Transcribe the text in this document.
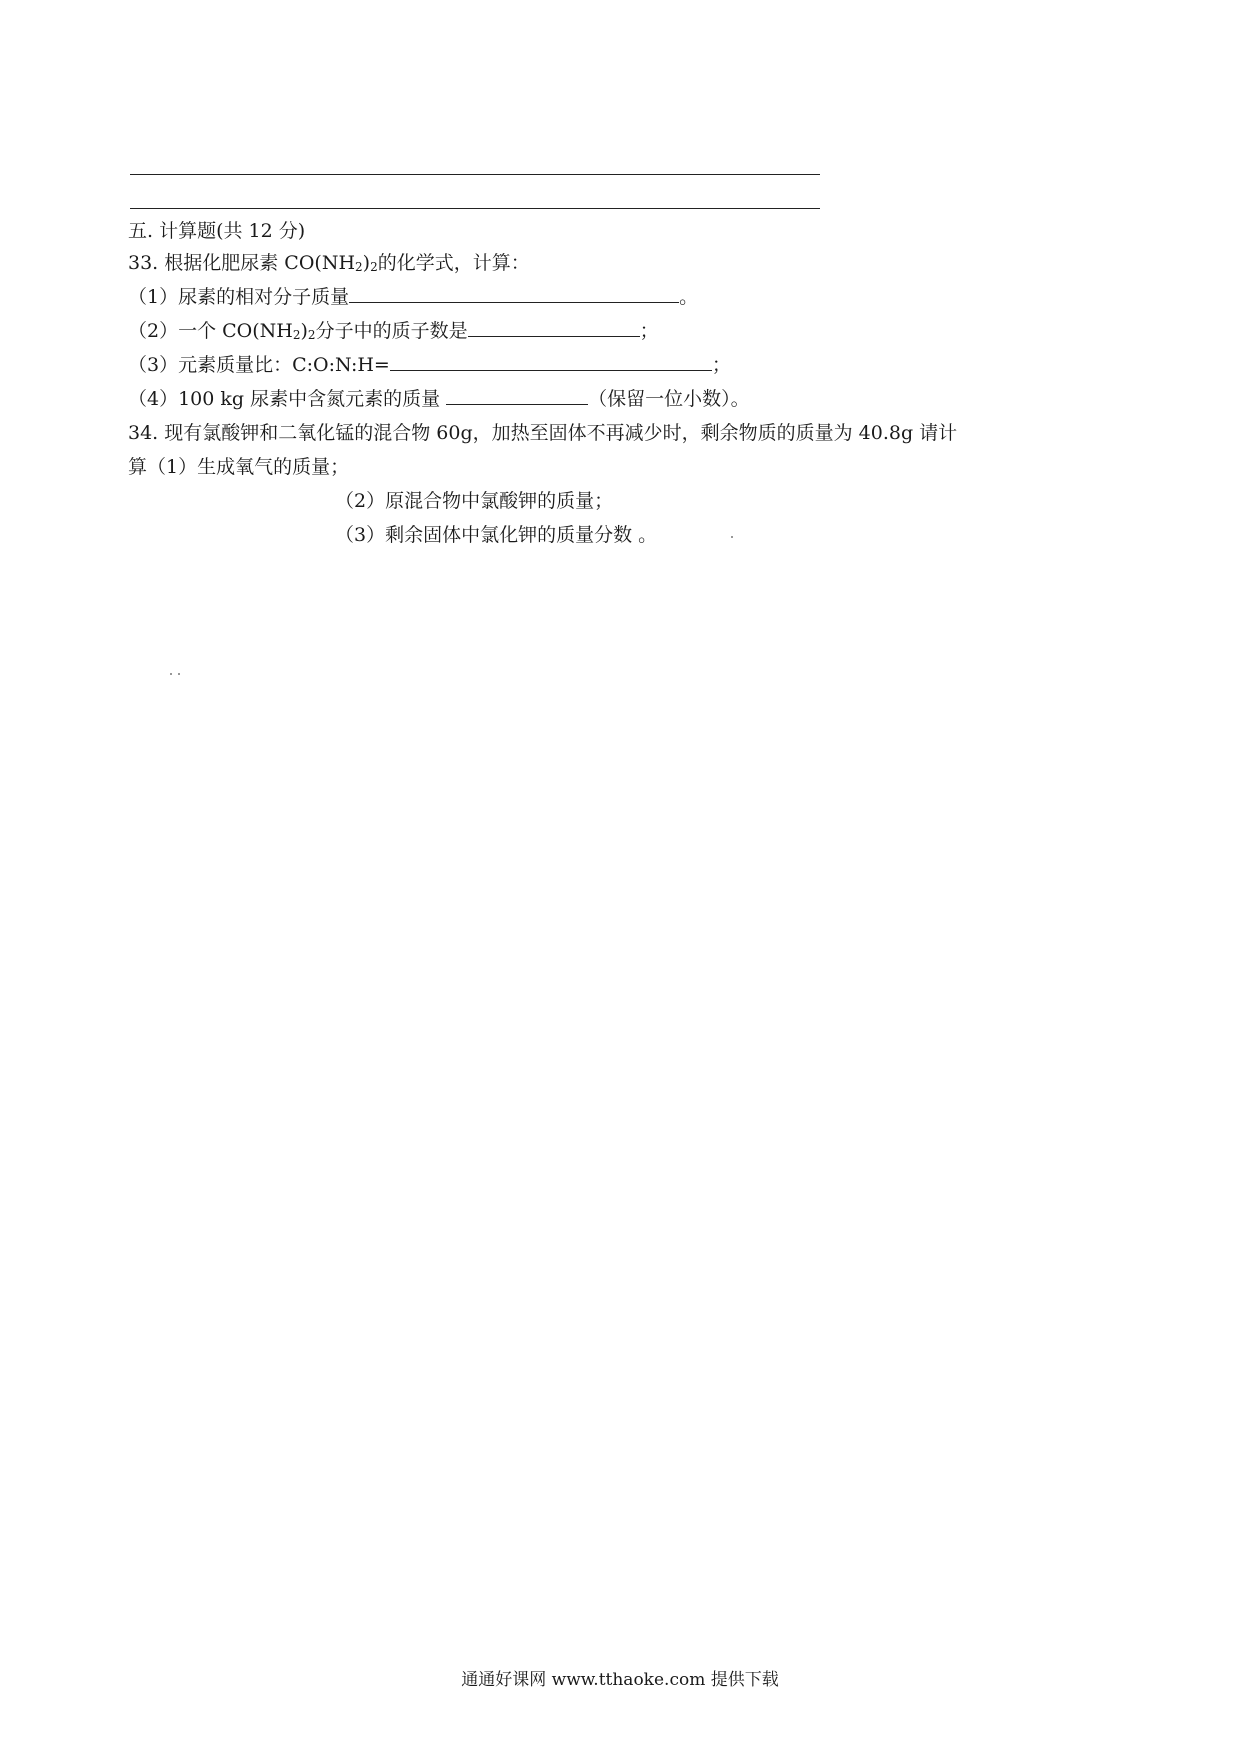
五. 计算题(共 12 分)
33. 根据化肥尿素 $CO(NH_2)_2$的化学式，计算：
（1）尿素的相对分子质量	。
（2）一个 $CO(NH_2)_2$分子中的质子数是	；
（3）元素质量比：C:O:N:H=	；
（4）100 kg 尿素中含氮元素的质量	（保留一位小数）。
34. 现有氯酸钾和二氧化锰的混合物 60g，加热至固体不再减少时，剩余物质的质量为 40.8g 请计
算（1）生成氧气的质量；
（2）原混合物中氯酸钾的质量；
（3）剩余固体中氯化钾的质量分数 。
通通好课网 www.tthaoke.com 提供下载
